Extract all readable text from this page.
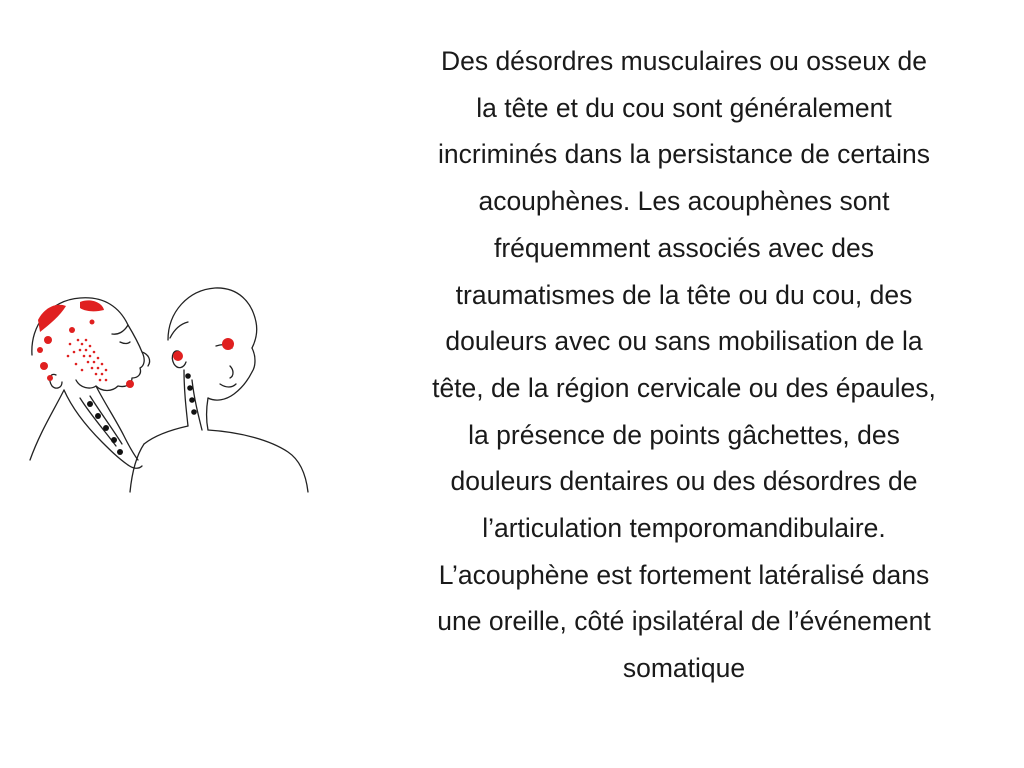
Des désordres musculaires ou osseux de
la tête et du cou sont généralement
incriminés dans la persistance de certains
acouphènes. Les acouphènes sont
fréquemment associés avec des
traumatismes de la tête ou du cou, des
douleurs avec ou sans mobilisation de la
tête, de la région cervicale ou des épaules,
la présence de points gâchettes, des
douleurs dentaires ou des désordres de
l’articulation temporomandibulaire.
L’acouphène est fortement latéralisé dans
une oreille, côté ipsilatéral de l’événement
somatique
